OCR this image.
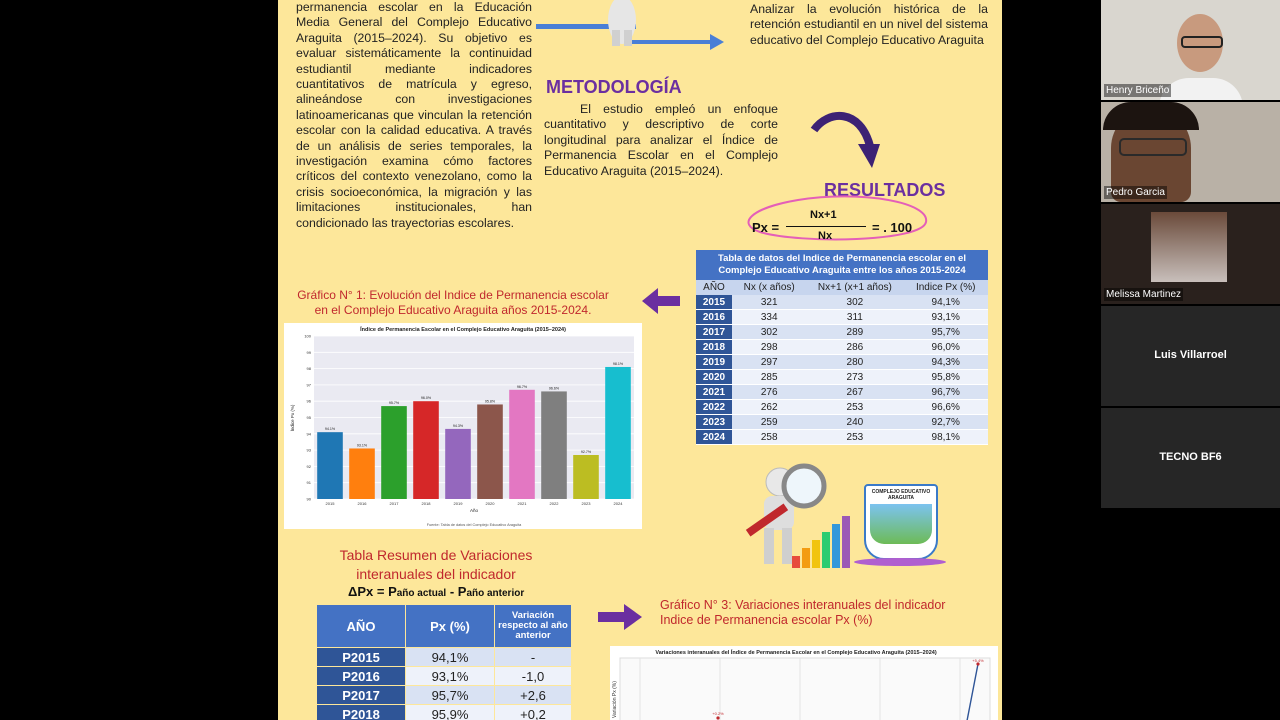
permanencia escolar en la Educación Media General del Complejo Educativo Araguita (2015–2024). Su objetivo es evaluar sistemáticamente la continuidad estudiantil mediante indicadores cuantitativos de matrícula y egreso, alineándose con investigaciones latinoamericanas que vinculan la retención escolar con la calidad educativa. A través de un análisis de series temporales, la investigación examina cómo factores críticos del contexto venezolano, como la crisis socioeconómica, la migración y las limitaciones institucionales, han condicionado las trayectorias escolares.
Analizar la evolución histórica de la retención estudiantil en un nivel del sistema educativo del Complejo Educativo Araguita
METODOLOGÍA
El estudio empleó un enfoque cuantitativo y descriptivo de corte longitudinal para analizar el Índice de Permanencia Escolar en el Complejo Educativo Araguita (2015–2024).
RESULTADOS
Px =
Nx+1
Nx
= . 100
Tabla de datos del Indice de Permanencia escolar en el Complejo Educativo Araguita entre los años 2015-2024			
AÑO	Nx (x años)	Nx+1 (x+1 años)	Indice Px (%)
2015	321	302	94,1%
2016	334	311	93,1%
2017	302	289	95,7%
2018	298	286	96,0%
2019	297	280	94,3%
2020	285	273	95,8%
2021	276	267	96,7%
2022	262	253	96,6%
2023	259	240	92,7%
2024	258	253	98,1%
Gráfico N° 1: Evolución del Indice de Permanencia escolar en el Complejo Educativo Araguita años 2015-2024.
Índice de Permanencia Escolar en el Complejo Educativo Araguita (2015–2024)
90
91
92
93
94
95
96
97
98
99
100
2015	2016	2017	2018	2019	2020	2021	2022	2023	2024
94.1%
93.1%
95.7%
96.0%
94.3%
95.8%
96.7%	96.6%
92.7%
98.1%
Año
Índice Px (%)
Fuente: Tabla de datos del Complejo Educativo Araguita
COMPLEJO EDUCATIVO ARAGUITA
Tabla Resumen de Variaciones interanuales del indicador
ΔPx = Paño actual - Paño anterior
AÑO	Px (%)	Variación respecto al año anterior
P2015	94,1%	-
P2016	93,1%	-1,0
P2017	95,7%	+2,6
P2018	95,9%	+0,2
Gráfico N° 3: Variaciones interanuales del indicador Indice de Permanencia escolar Px (%)
Variaciones interanuales del Índice de Permanencia Escolar en el Complejo Educativo Araguita (2015–2024)
Variación Px (%)	+0.2%
+5.4%
Henry Briceño
Pedro Garcia
Melissa Martinez
Luis Villarroel
TECNO BF6
